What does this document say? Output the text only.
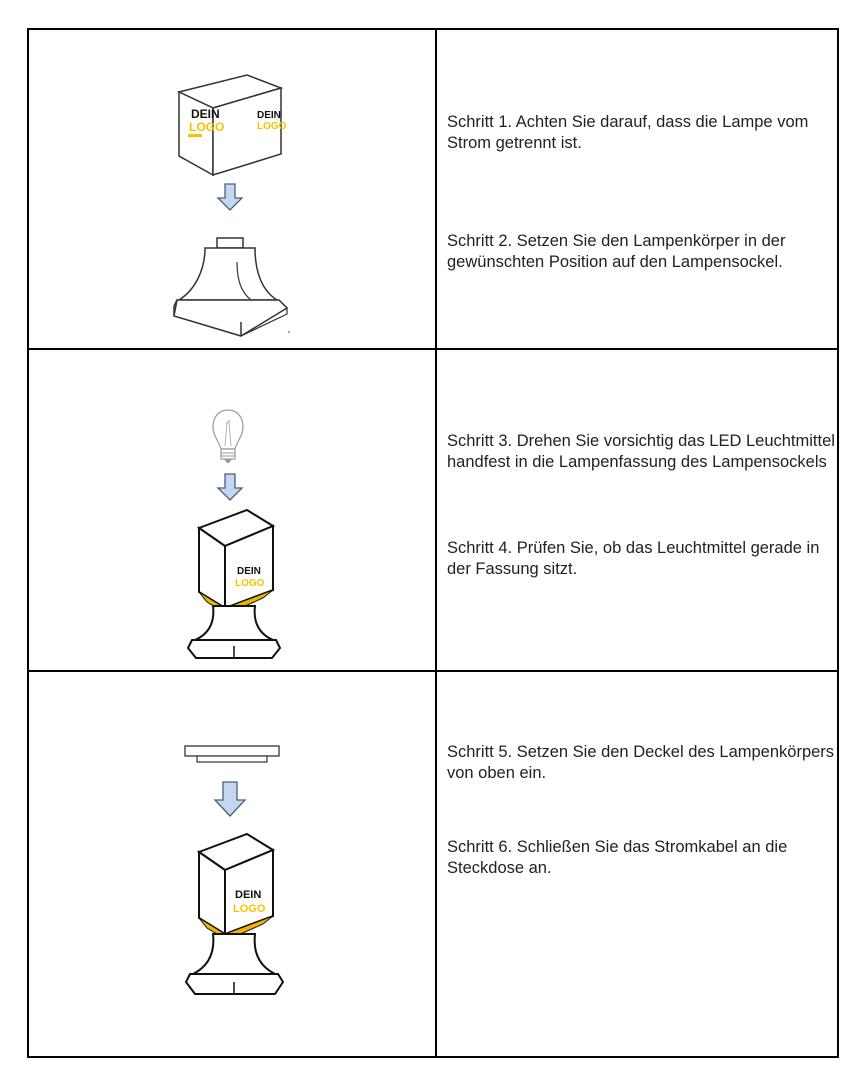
DEIN
LOGO
DEIN
LOGO	Schritt 1. Achten Sie darauf, dass die Lampe vom Strom getrennt ist.

Schritt 2. Setzen Sie den Lampenkörper in der gewünschten Position auf den Lampensockel.

DEIN
LOGO

Schritt 3. Drehen Sie vorsichtig das LED Leuchtmittel handfest in die Lampenfassung des Lampensockels

Schritt 4. Prüfen Sie, ob das Leuchtmittel gerade in der Fassung sitzt.

DEIN
LOGO

Schritt 5. Setzen Sie den Deckel des Lampenkörpers von oben ein.

Schritt 6. Schließen Sie das Stromkabel an die Steckdose an.
